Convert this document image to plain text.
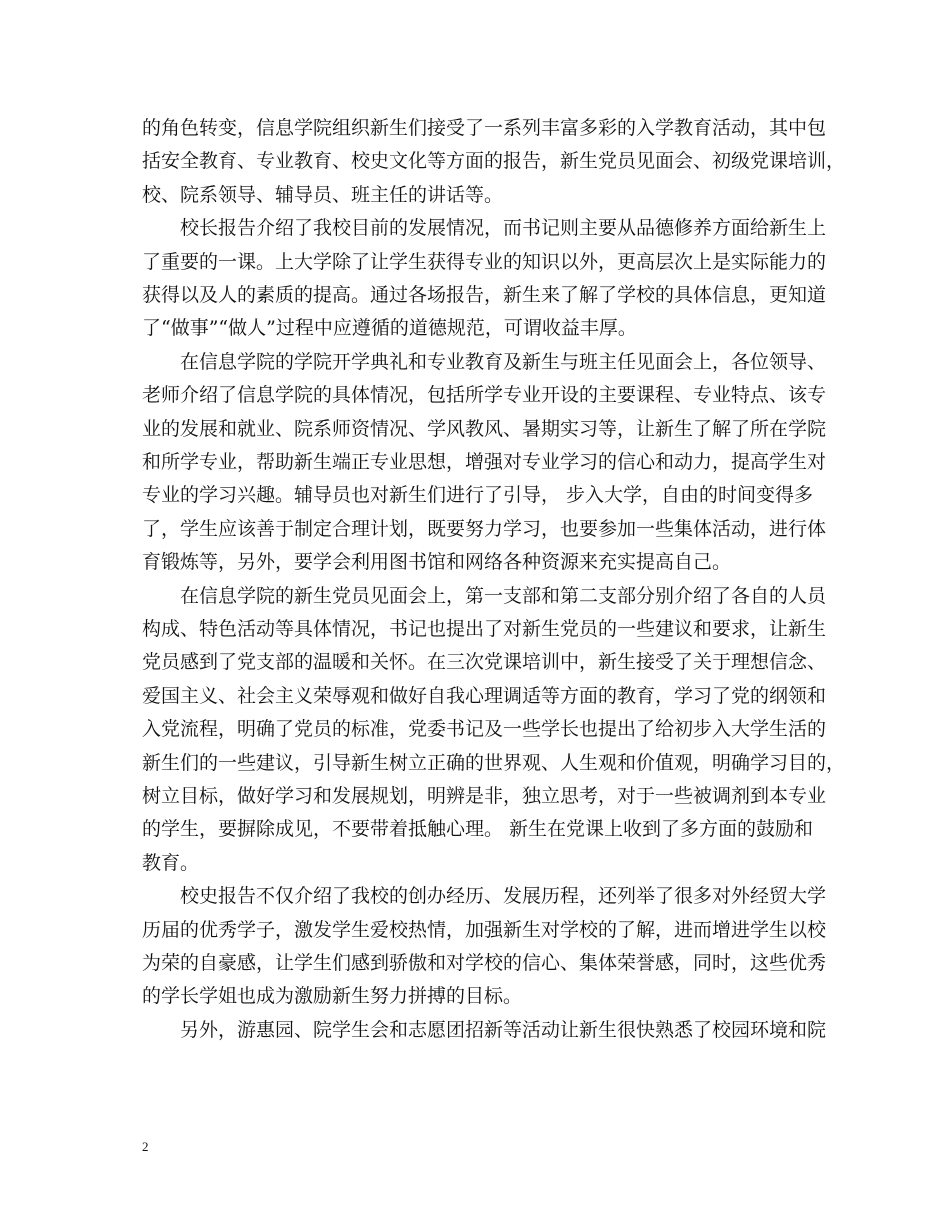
的角色转变，信息学院组织新生们接受了一系列丰富多彩的入学教育活动，其中包
括安全教育、专业教育、校史文化等方面的报告，新生党员见面会、初级党课培训，
校、院系领导、辅导员、班主任的讲话等。
校长报告介绍了我校目前的发展情况，而书记则主要从品德修养方面给新生上
了重要的一课。上大学除了让学生获得专业的知识以外，更高层次上是实际能力的
获得以及人的素质的提高。通过各场报告，新生来了解了学校的具体信息，更知道
了“做事”“做人”过程中应遵循的道德规范，可谓收益丰厚。
在信息学院的学院开学典礼和专业教育及新生与班主任见面会上，各位领导、
老师介绍了信息学院的具体情况，包括所学专业开设的主要课程、专业特点、该专
业的发展和就业、院系师资情况、学风教风、暑期实习等，让新生了解了所在学院
和所学专业，帮助新生端正专业思想，增强对专业学习的信心和动力，提高学生对
专业的学习兴趣。辅导员也对新生们进行了引导， 步入大学，自由的时间变得多
了，学生应该善于制定合理计划，既要努力学习，也要参加一些集体活动，进行体
育锻炼等，另外，要学会利用图书馆和网络各种资源来充实提高自己。
在信息学院的新生党员见面会上，第一支部和第二支部分别介绍了各自的人员
构成、特色活动等具体情况，书记也提出了对新生党员的一些建议和要求，让新生
党员感到了党支部的温暖和关怀。在三次党课培训中，新生接受了关于理想信念、
爱国主义、社会主义荣辱观和做好自我心理调适等方面的教育，学习了党的纲领和
入党流程，明确了党员的标准，党委书记及一些学长也提出了给初步入大学生活的
新生们的一些建议，引导新生树立正确的世界观、人生观和价值观，明确学习目的，
树立目标，做好学习和发展规划，明辨是非，独立思考，对于一些被调剂到本专业
的学生，要摒除成见，不要带着抵触心理。 新生在党课上收到了多方面的鼓励和
教育。
校史报告不仅介绍了我校的创办经历、发展历程，还列举了很多对外经贸大学
历届的优秀学子，激发学生爱校热情，加强新生对学校的了解，进而增进学生以校
为荣的自豪感，让学生们感到骄傲和对学校的信心、集体荣誉感，同时，这些优秀
的学长学姐也成为激励新生努力拼搏的目标。
另外，游惠园、院学生会和志愿团招新等活动让新生很快熟悉了校园环境和院
2
